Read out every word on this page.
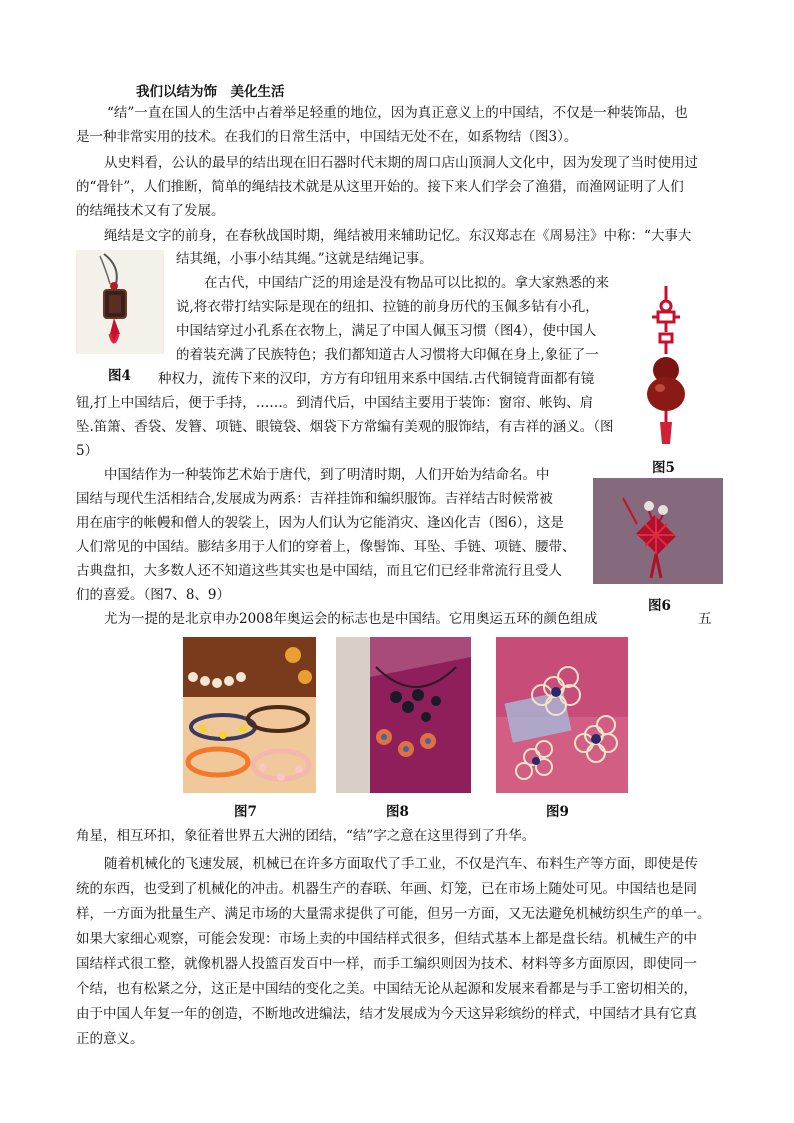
我们以结为饰　美化生活
“结”一直在国人的生活中占着举足轻重的地位，因为真正意义上的中国结，不仅是一种装饰品，也
是一种非常实用的技术。在我们的日常生活中，中国结无处不在，如系物结（图3）。
从史料看，公认的最早的结出现在旧石器时代末期的周口店山顶洞人文化中，因为发现了当时使用过
的“骨针”，人们推断，简单的绳结技术就是从这里开始的。接下来人们学会了渔猎，而渔网证明了人们
的结绳技术又有了发展。
绳结是文字的前身，在春秋战国时期，绳结被用来辅助记忆。东汉郑志在《周易注》中称：“大事大
结其绳，小事小结其绳。”这就是结绳记事。
图4
在古代，中国结广泛的用途是没有物品可以比拟的。拿大家熟悉的来
说,将衣带打结实际是现在的纽扣、拉链的前身历代的玉佩多钻有小孔，
中国结穿过小孔系在衣物上，满足了中国人佩玉习惯（图4），使中国人
的着装充满了民族特色；我们都知道古人习惯将大印佩在身上,象征了一
种权力，流传下来的汉印，方方有印钮用来系中国结.古代铜镜背面都有镜
钮,打上中国结后，便于手持，……。到清代后，中国结主要用于装饰：窗帘、帐钩、肩
坠.笛箫、香袋、发簪、项链、眼镜袋、烟袋下方常编有美观的服饰结，有吉祥的涵义。（图
5）
图5
中国结作为一种装饰艺术始于唐代，到了明清时期，人们开始为结命名。中
国结与现代生活相结合,发展成为两系：吉祥挂饰和编织服饰。吉祥结古时候常被
用在庙宇的帐幔和僧人的袈裟上，因为人们认为它能消灾、逢凶化吉（图6），这是
人们常见的中国结。膨结多用于人们的穿着上，像髻饰、耳坠、手链、项链、腰带、
古典盘扣，大多数人还不知道这些其实也是中国结，而且它们已经非常流行且受人
们的喜爱。（图7、8、9）
图6
尤为一提的是北京申办2008年奥运会的标志也是中国结。它用奥运五环的颜色组成	五
图7	图8	图9
角星，相互环扣，象征着世界五大洲的团结，“结”字之意在这里得到了升华。
随着机械化的飞速发展，机械已在许多方面取代了手工业，不仅是汽车、布料生产等方面，即使是传
统的东西，也受到了机械化的冲击。机器生产的春联、年画、灯笼，已在市场上随处可见。中国结也是同
样，一方面为批量生产、满足市场的大量需求提供了可能，但另一方面，又无法避免机械纺织生产的单一。
如果大家细心观察，可能会发现：市场上卖的中国结样式很多，但结式基本上都是盘长结。机械生产的中
国结样式很工整，就像机器人投篮百发百中一样，而手工编织则因为技术、材料等多方面原因，即使同一
个结，也有松紧之分，这正是中国结的变化之美。中国结无论从起源和发展来看都是与手工密切相关的，
由于中国人年复一年的创造，不断地改进编法，结才发展成为今天这异彩缤纷的样式，中国结才具有它真
正的意义。
